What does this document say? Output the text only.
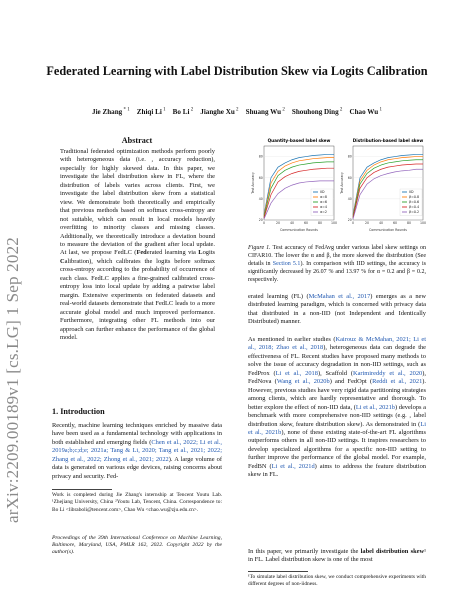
arXiv:2209.00189v1 [cs.LG] 1 Sep 2022
Federated Learning with Label Distribution Skew via Logits Calibration
Jie Zhang $^{* 1}$  Zhiqi Li $^1$  Bo Li $^2$  Jianghe Xu $^2$  Shuang Wu $^2$  Shouhong Ding $^2$  Chao Wu $^1$
Abstract
Traditional federated optimization methods perform poorly with heterogeneous data (i.e. , accuracy reduction), especially for highly skewed data. In this paper, we investigate the label distribution skew in FL, where the distribution of labels varies across clients. First, we investigate the label distribution skew from a statistical view. We demonstrate both theoretically and empirically that previous methods based on softmax cross-entropy are not suitable, which can result in local models heavily overfitting to minority classes and missing classes. Additionally, we theoretically introduce a deviation bound to measure the deviation of the gradient after local update. At last, we propose FedLC (Federated learning via Logits Calibration), which calibrates the logits before softmax cross-entropy according to the probability of occurrence of each class. FedLC applies a fine-grained calibrated cross-entropy loss into local update by adding a pairwise label margin. Extensive experiments on federated datasets and real-world datasets demonstrate that FedLC leads to a more accurate global model and much improved performance. Furthermore, integrating other FL methods into our approach can further enhance the performance of the global model.
1. Introduction
Recently, machine learning techniques enriched by massive data have been used as a fundamental technology with applications in both established and emerging fields (Chen et al., 2022; Li et al., 2019a;b;c;d;e; 2021a; Tang & Li, 2020; Tang et al., 2021; 2022; Zhang et al., 2022; Zhong et al., 2021; 2022). A large volume of data is generated on various edge devices, raising concerns about privacy and security. Fed-
Work is completed during Jie Zhang's internship at Tencent Youtu Lab. ¹Zhejiang University, China ²Youtu Lab, Tencent, China. Correspondence to: Bo Li <libraboli@tencent.com>, Chao Wu <chao.wu@zju.edu.cn>.
Proceedings of the 39th International Conference on Machine Learning, Baltimore, Maryland, USA, PMLR 162, 2022. Copyright 2022 by the author(s).
Quantity-based label skew
20
40
60
80
0	20	40	60	80	100
Communication Rounds
Test Accuracy	IID
α=8
α=6
α=4
α=2
Distribution-based label skew
20
40
60
80
0	20	40	60	80	100
Communication Rounds
Test Accuracy	IID
β=0.8
β=0.6
β=0.4
β=0.2
Figure 1. Test accuracy of FedAvg under various label skew settings on CIFAR10. The lower the α and β, the more skewed the distribution (See details in Section 5.1). In comparison with IID settings, the accuracy is significantly decreased by 26.07 % and 13.97 % for α = 0.2 and β = 0.2, respectively.
erated learning (FL) (McMahan et al., 2017) emerges as a new distributed learning paradigm, which is concerned with privacy data that distributed in a non-IID (not Independent and Identically Distributed) manner.
As mentioned in earlier studies (Kairouz & McMahan, 2021; Li et al., 2018; Zhao et al., 2018), heterogeneous data can degrade the effectiveness of FL. Recent studies have proposed many methods to solve the issue of accuracy degradation in non-IID settings, such as FedProx (Li et al., 2018), Scaffold (Karimireddy et al., 2020), FedNova (Wang et al., 2020b) and FedOpt (Reddi et al., 2021). However, previous studies have very rigid data partitioning strategies among clients, which are hardly representative and thorough. To better explore the effect of non-IID data, (Li et al., 2021b) develops a benchmark with more comprehensive non-IID settings (e.g. , label distribution skew, feature distribution skew). As demonstrated in (Li et al., 2021b), none of these existing state-of-the-art FL algorithms outperforms others in all non-IID settings. It inspires researchers to develop specialized algorithms for a specific non-IID setting to further improve the performance of the global model. For example, FedBN (Li et al., 2021d) aims to address the feature distribution skew in FL.
In this paper, we primarily investigate the label distribution skew¹ in FL. Label distribution skew is one of the most
¹To simulate label distribution skew, we conduct comprehensive experiments with different degrees of non-iidness.
